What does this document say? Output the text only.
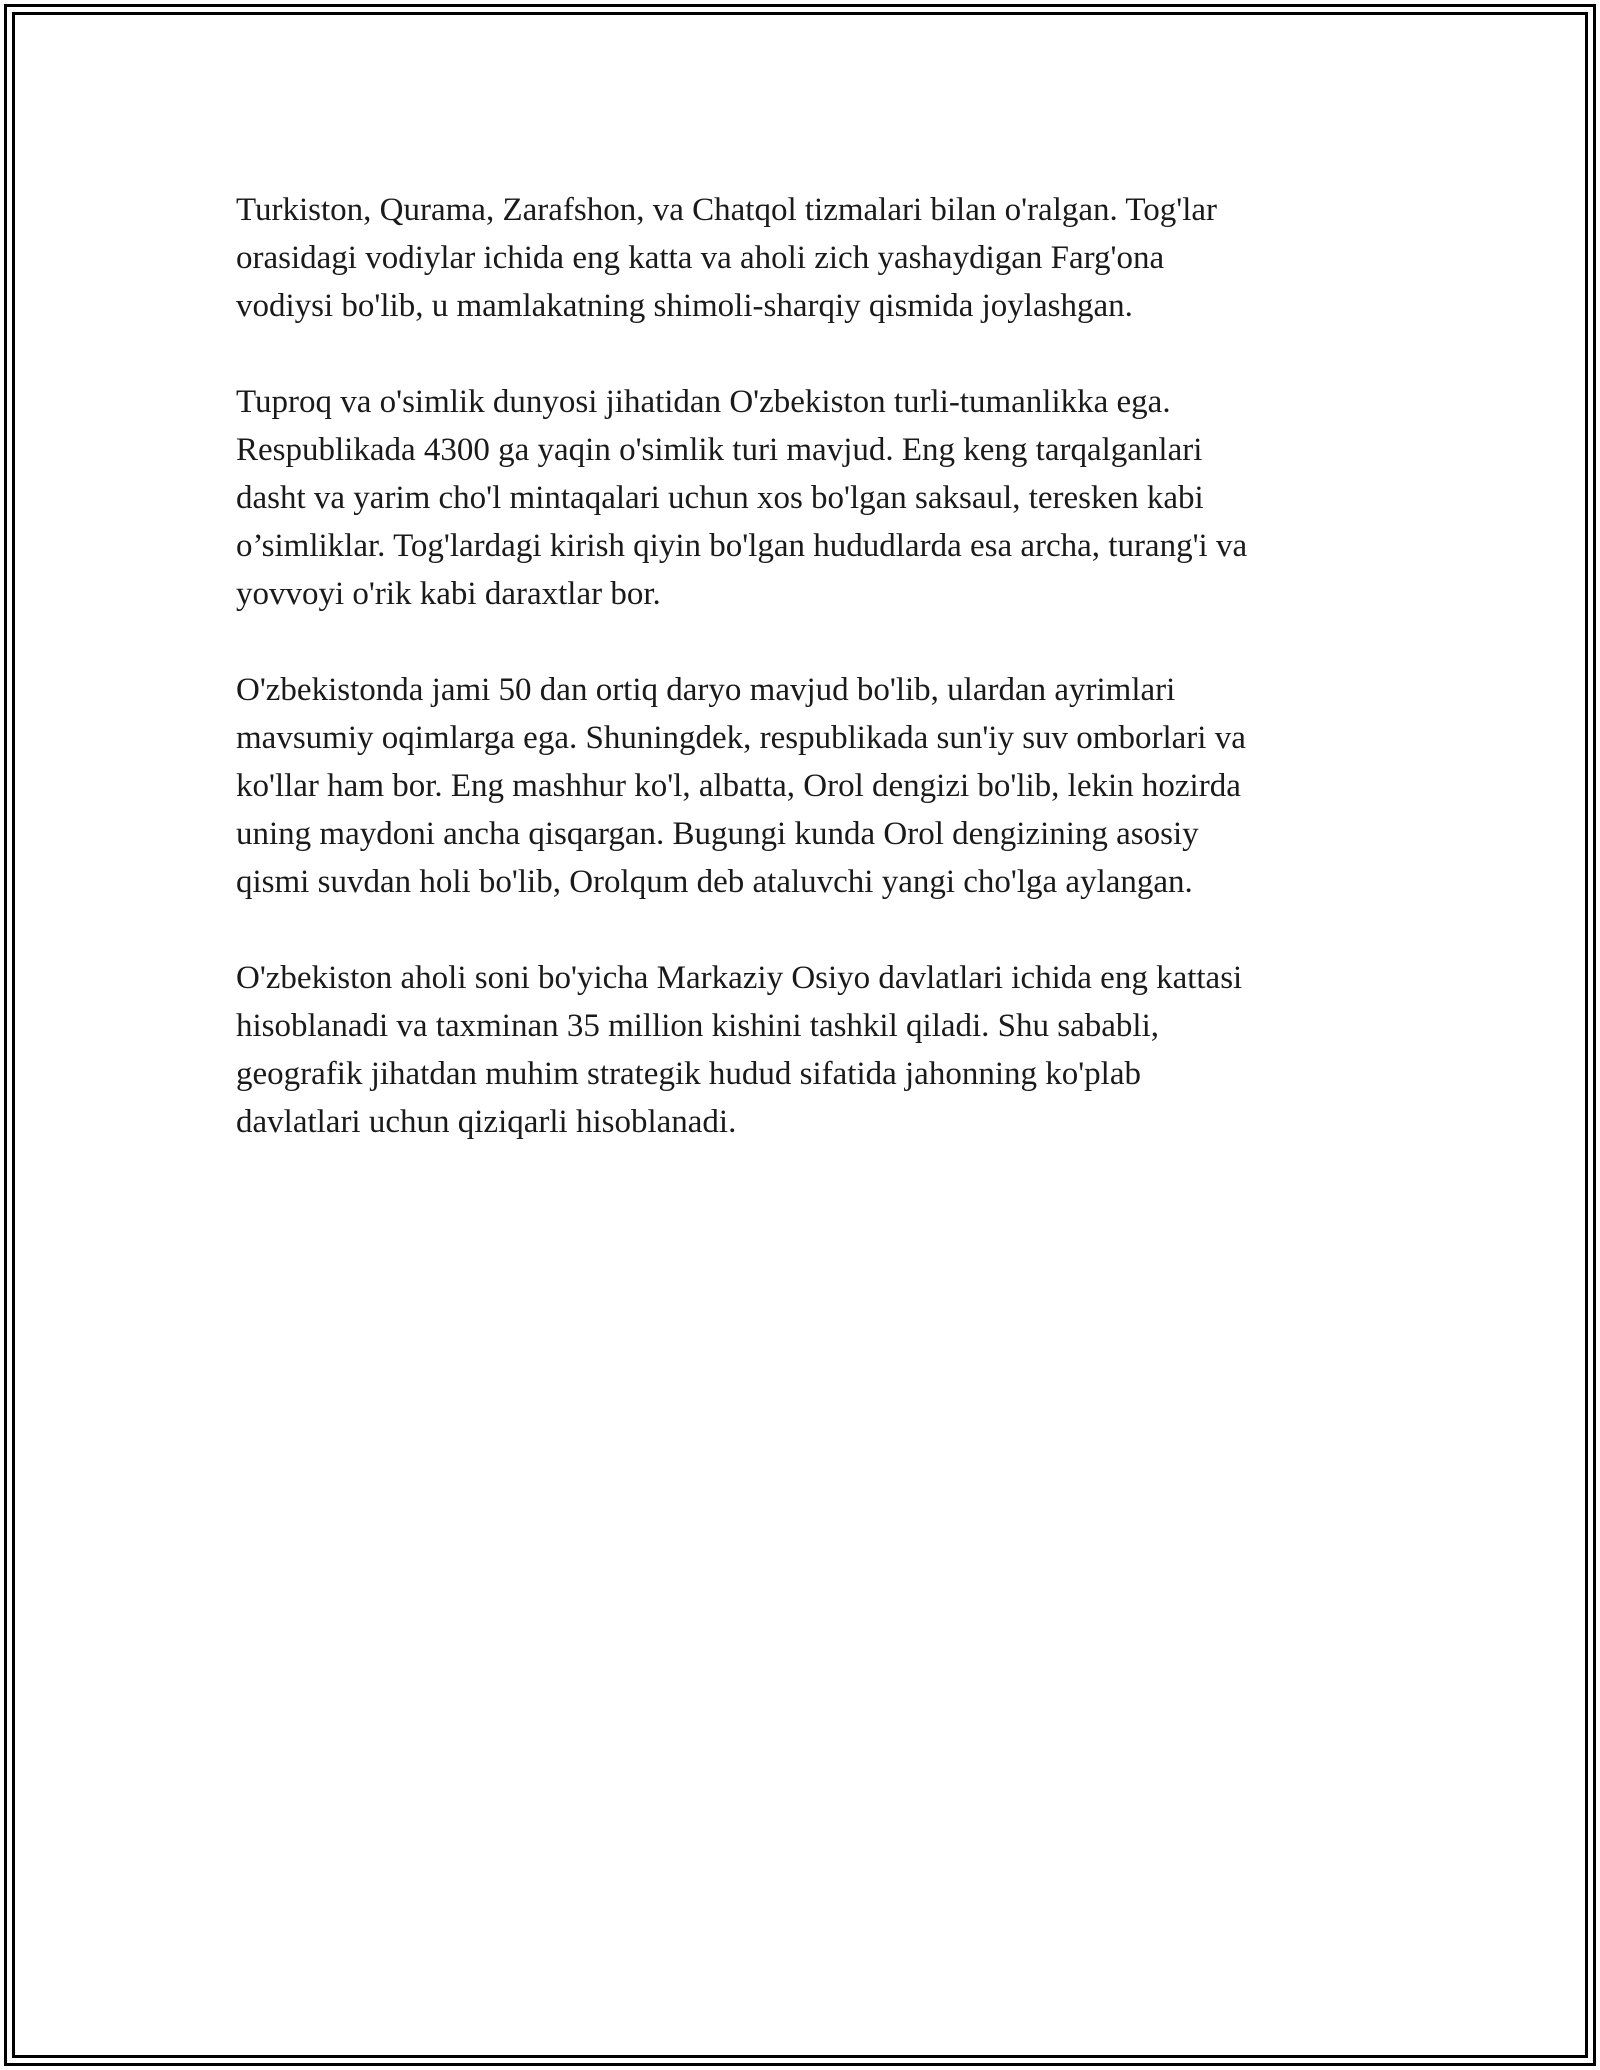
Turkiston, Qurama, Zarafshon, va Chatqol tizmalari bilan o'ralgan. Tog'lar
orasidagi vodiylar ichida eng katta va aholi zich yashaydigan Farg'ona
vodiysi bo'lib, u mamlakatning shimoli-sharqiy qismida joylashgan.

Tuproq va o'simlik dunyosi jihatidan O'zbekiston turli-tumanlikka ega.
Respublikada 4300 ga yaqin o'simlik turi mavjud. Eng keng tarqalganlari
dasht va yarim cho'l mintaqalari uchun xos bo'lgan saksaul, teresken kabi
o’simliklar. Tog'lardagi kirish qiyin bo'lgan hududlarda esa archa, turang'i va
yovvoyi o'rik kabi daraxtlar bor.

O'zbekistonda jami 50 dan ortiq daryo mavjud bo'lib, ulardan ayrimlari
mavsumiy oqimlarga ega. Shuningdek, respublikada sun'iy suv omborlari va
ko'llar ham bor. Eng mashhur ko'l, albatta, Orol dengizi bo'lib, lekin hozirda
uning maydoni ancha qisqargan. Bugungi kunda Orol dengizining asosiy
qismi suvdan holi bo'lib, Orolqum deb ataluvchi yangi cho'lga aylangan.

O'zbekiston aholi soni bo'yicha Markaziy Osiyo davlatlari ichida eng kattasi
hisoblanadi va taxminan 35 million kishini tashkil qiladi. Shu sababli,
geografik jihatdan muhim strategik hudud sifatida jahonning ko'plab
davlatlari uchun qiziqarli hisoblanadi.
